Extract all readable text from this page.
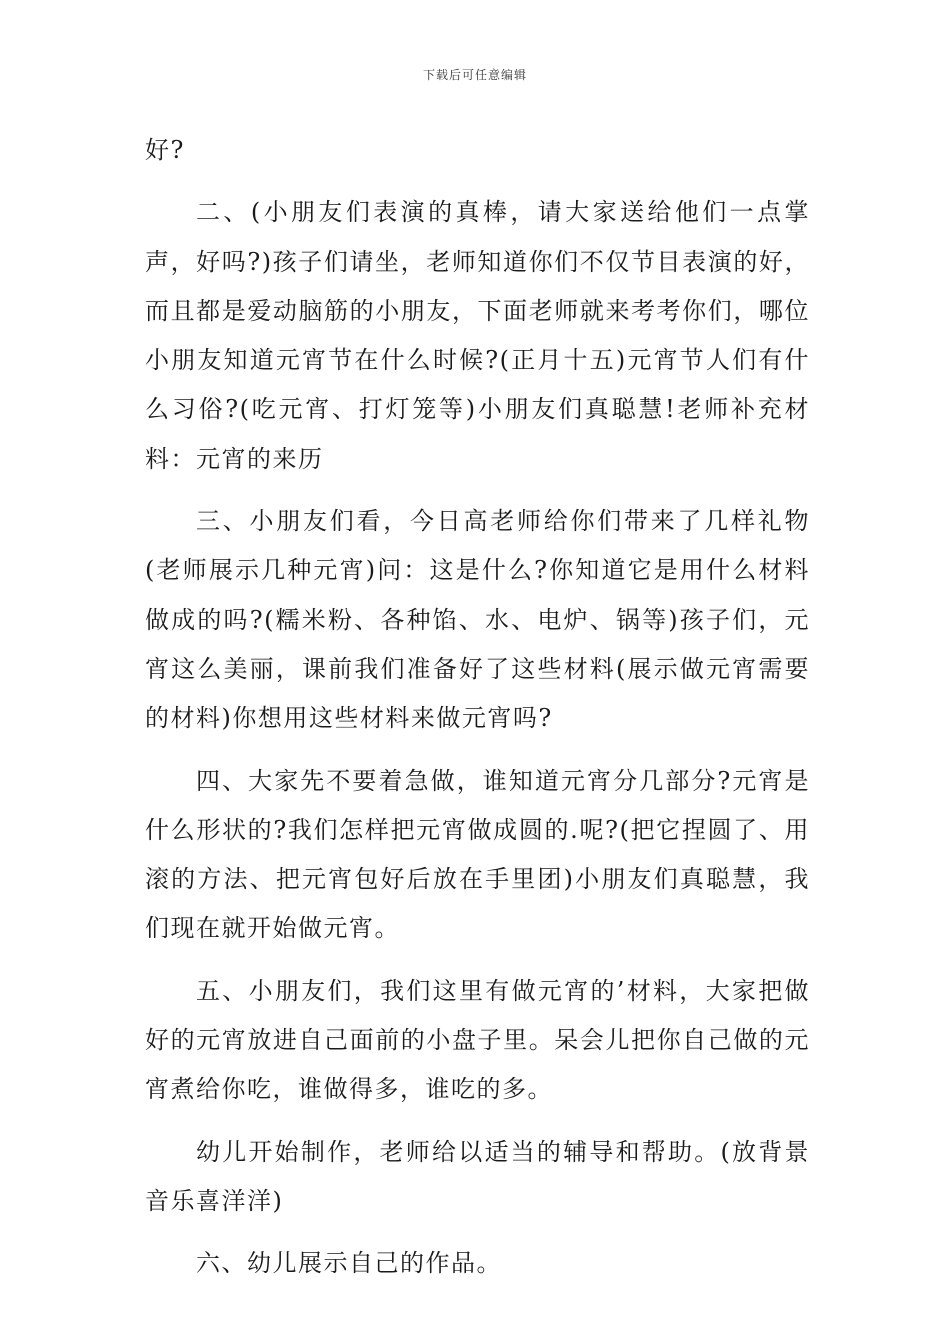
下载后可任意编辑

好?

二、(小朋友们表演的真棒，请大家送给他们一点掌声，好吗?)孩子们请坐，老师知道你们不仅节目表演的好，而且都是爱动脑筋的小朋友，下面老师就来考考你们，哪位小朋友知道元宵节在什么时候?(正月十五)元宵节人们有什么习俗?(吃元宵、打灯笼等)小朋友们真聪慧!老师补充材料：元宵的来历

三、小朋友们看，今日高老师给你们带来了几样礼物(老师展示几种元宵)问：这是什么?你知道它是用什么材料做成的吗?(糯米粉、各种馅、水、电炉、锅等)孩子们，元宵这么美丽，课前我们准备好了这些材料(展示做元宵需要的材料)你想用这些材料来做元宵吗?

四、大家先不要着急做，谁知道元宵分几部分?元宵是什么形状的?我们怎样把元宵做成圆的.呢?(把它捏圆了、用滚的方法、把元宵包好后放在手里团)小朋友们真聪慧，我们现在就开始做元宵。

五、小朋友们，我们这里有做元宵的’材料，大家把做好的元宵放进自己面前的小盘子里。呆会儿把你自己做的元宵煮给你吃，谁做得多，谁吃的多。

幼儿开始制作，老师给以适当的辅导和帮助。(放背景音乐喜洋洋)

六、幼儿展示自己的作品。
